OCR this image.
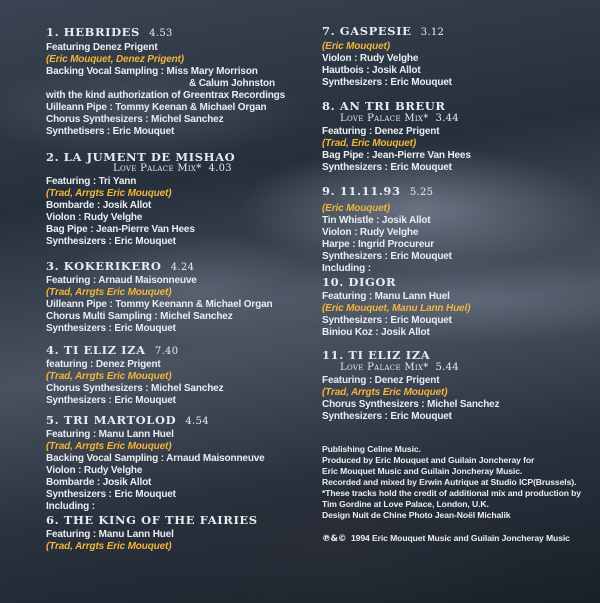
1. HEBRIDES 4.53
Featuring Denez Prigent
(Eric Mouquet, Denez Prigent)
Backing Vocal Sampling : Miss Mary Morrison
& Calum Johnston
with the kind authorization of Greentrax Recordings
Uilleann Pipe : Tommy Keenan & Michael Organ
Chorus Synthesizers : Michel Sanchez
Synthetisers : Eric Mouquet
2. LA JUMENT DE MISHAO
Love Palace Mix* 4.03
Featuring : Tri Yann
(Trad, Arrgts Eric Mouquet)
Bombarde : Josik Allot
Violon : Rudy Velghe
Bag Pipe : Jean-Pierre Van Hees
Synthesizers : Eric Mouquet
3. KOKERIKERO 4.24
Featuring : Arnaud Maisonneuve
(Trad, Arrgts Eric Mouquet)
Uilleann Pipe : Tommy Keenann & Michael Organ
Chorus Multi Sampling : Michel Sanchez
Synthesizers : Eric Mouquet
4. TI ELIZ IZA 7.40
featuring : Denez Prigent
(Trad, Arrgts Eric Mouquet)
Chorus Synthesizers : Michel Sanchez
Synthesizers : Eric Mouquet
5. TRI MARTOLOD 4.54
Featuring : Manu Lann Huel
(Trad, Arrgts Eric Mouquet)
Backing Vocal Sampling : Arnaud Maisonneuve
Violon : Rudy Velghe
Bombarde : Josik Allot
Synthesizers : Eric Mouquet
Including :
6. THE KING OF THE FAIRIES
Featuring : Manu Lann Huel
(Trad, Arrgts Eric Mouquet)
7. GASPESIE 3.12
(Eric Mouquet)
Violon : Rudy Velghe
Hautbois : Josik Allot
Synthesizers : Eric Mouquet
8. AN TRI BREUR
Love Palace Mix* 3.44
Featuring : Denez Prigent
(Trad, Eric Mouquet)
Bag Pipe : Jean-Pierre Van Hees
Synthesizers : Eric Mouquet
9. 11.11.93 5.25
(Eric Mouquet)
Tin Whistle : Josik Allot
Violon : Rudy Velghe
Harpe : Ingrid Procureur
Synthesizers : Eric Mouquet
Including :
10. DIGOR
Featuring : Manu Lann Huel
(Eric Mouquet, Manu Lann Huel)
Synthesizers : Eric Mouquet
Biniou Koz : Josik Allot
11. TI ELIZ IZA
Love Palace Mix* 5.44
Featuring : Denez Prigent
(Trad, Arrgts Eric Mouquet)
Chorus Synthesizers : Michel Sanchez
Synthesizers : Eric Mouquet
Publishing Celine Music.
Produced by Eric Mouquet and Guilain Joncheray for
Eric Mouquet Music and Guilain Joncheray Music.
Recorded and mixed by Erwin Autrique at Studio ICP(Brussels).
*These tracks hold the credit of additional mix and production by
Tim Gordine at Love Palace, London, U.K.
Design Nuit de Chine Photo Jean-Noël Michalik
℗&© 1994 Eric Mouquet Music and Guilain Joncheray Music
